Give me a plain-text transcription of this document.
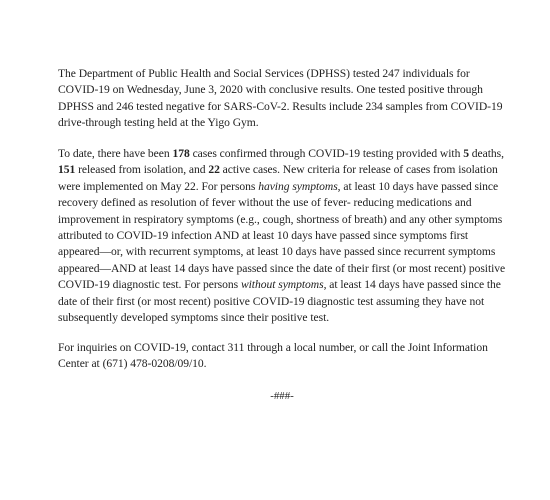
The Department of Public Health and Social Services (DPHSS) tested 247 individuals for
COVID-19 on Wednesday, June 3, 2020 with conclusive results. One tested positive through
DPHSS and 246 tested negative for SARS-CoV-2. Results include 234 samples from COVID-19
drive-through testing held at the Yigo Gym.

To date, there have been 178 cases confirmed through COVID-19 testing provided with 5 deaths,
151 released from isolation, and 22 active cases. New criteria for release of cases from isolation
were implemented on May 22. For persons having symptoms, at least 10 days have passed since
recovery defined as resolution of fever without the use of fever- reducing medications and
improvement in respiratory symptoms (e.g., cough, shortness of breath) and any other symptoms
attributed to COVID-19 infection AND at least 10 days have passed since symptoms first
appeared—or, with recurrent symptoms, at least 10 days have passed since recurrent symptoms
appeared—AND at least 14 days have passed since the date of their first (or most recent) positive
COVID-19 diagnostic test. For persons without symptoms, at least 14 days have passed since the
date of their first (or most recent) positive COVID-19 diagnostic test assuming they have not
subsequently developed symptoms since their positive test.

For inquiries on COVID-19, contact 311 through a local number, or call the Joint Information
Center at (671) 478-0208/09/10.

-###-
